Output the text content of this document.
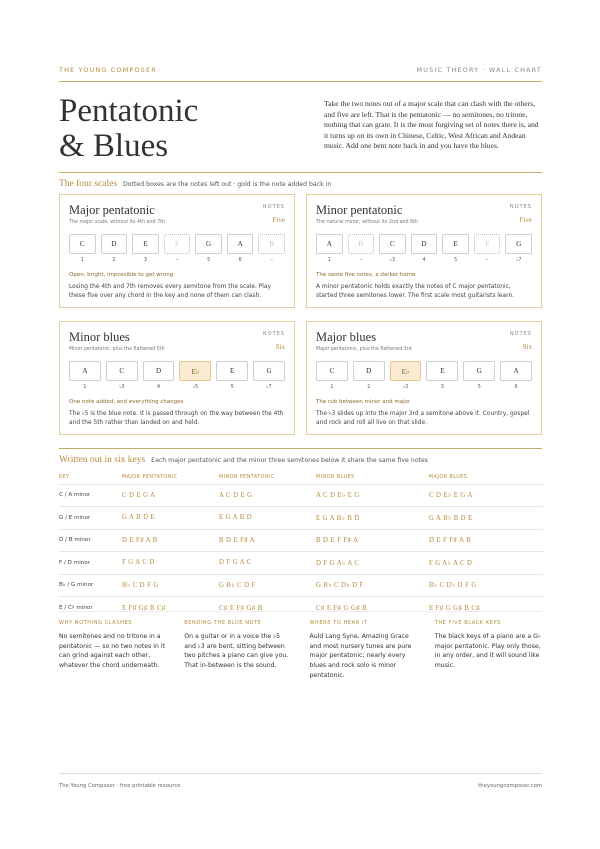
THE YOUNG COMPOSER	MUSIC THEORY · WALL CHART
Pentatonic
& Blues

Take the two notes out of a major scale that can clash with the others, and five are left. That is the pentatonic — no semitones, no tritone, nothing that can grate. It is the most forgiving set of notes there is, and it turns up on its own in Chinese, Celtic, West African and Andean music. Add one bent note back in and you have the blues.

The four scales Dotted boxes are the notes left out · gold is the note added back in
Major pentatonic
The major scale, without its 4th and 7th
NOTES
Five
C	D	E	F	G	A	B
1	2	3	–	5	6	–
Open, bright, impossible to get wrong
Losing the 4th and 7th removes every semitone from the scale. Play these five over any chord in the key and none of them can clash.
Minor pentatonic
The natural minor, without its 2nd and 6th
NOTES
Five
A	B	C	D	E	F	G
1	–	♭3	4	5	–	♭7
The same five notes, a darker home
A minor pentatonic holds exactly the notes of C major pentatonic, started three semitones lower. The first scale most guitarists learn.
Minor blues
Minor pentatonic, plus the flattened 5th
NOTES
Six
A	C	D	E♭	E	G
1	♭3	4	♭5	5	♭7
One note added, and everything changes
The ♭5 is the blue note. It is passed through on the way between the 4th and the 5th rather than landed on and held.
Major blues
Major pentatonic, plus the flattened 3rd
NOTES
Six
C	D	E♭	E	G	A
1	2	♭3	3	5	6
The rub between minor and major
The ♭3 slides up into the major 3rd a semitone above it. Country, gospel and rock and roll all live on that slide.
Written out in six keys Each major pentatonic and the minor three semitones below it share the same five notes
KEY	MAJOR PENTATONIC	MINOR PENTATONIC	MINOR BLUES	MAJOR BLUES
C / A minor	C D E G A	A C D E G	A C D E♭ E G	C D E♭ E G A
G / E minor	G A B D E	E G A B D	E G A B♭ B D	G A B♭ B D E
D / B minor	D E F♯ A B	B D E F♯ A	B D E F F♯ A	D E F F♯ A B
F / D minor	F G A C D	D F G A C	D F G A♭ A C	F G A♭ A C D
B♭ / G minor	B♭ C D F G	G B♭ C D F	G B♭ C D♭ D F	B♭ C D♭ D F G
E / C♯ minor	E F♯ G♯ B C♯	C♯ E F♯ G♯ B	C♯ E F♯ G G♯ B	E F♯ G G♯ B C♯
WHY NOTHING CLASHES
No semitones and no tritone in a pentatonic — so no two notes in it can grind against each other, whatever the chord underneath.
BENDING THE BLUE NOTE
On a guitar or in a voice the ♭5 and ♭3 are bent, sitting between two pitches a piano can give you. That in-between is the sound.
WHERE TO HEAR IT
Auld Lang Syne, Amazing Grace and most nursery tunes are pure major pentatonic; nearly every blues and rock solo is minor pentatonic.
THE FIVE BLACK KEYS
The black keys of a piano are a G♭ major pentatonic. Play only those, in any order, and it will sound like music.
The Young Composer · free printable resource	theyoungcomposer.com
